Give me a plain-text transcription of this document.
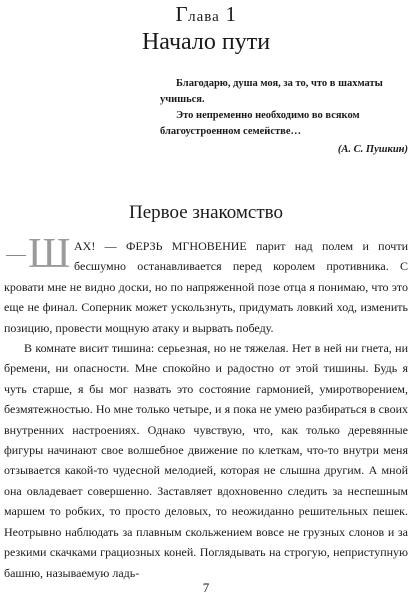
Глава 1
Начало пути

Благодарю, душа моя, за то, что в шахматы учишься.

Это непременно необходимо во всяком благоустроенном семействе…

(А. С. Пушкин)

Первое знакомство

Ш АХ! — ФЕРЗЬ МГНОВЕНИЕ парит над полем и почти бесшумно останавливается перед королем противника. С кровати мне не видно доски, но по напряженной позе отца я понимаю, что это еще не финал. Соперник может ускользнуть, придумать ловкий ход, изменить позицию, провести мощную атаку и вырвать победу.

В комнате висит тишина: серьезная, но не тяжелая. Нет в ней ни гнета, ни бремени, ни опасности. Мне спокойно и радостно от этой тишины. Будь я чуть старше, я бы мог назвать это состояние гармонией, умиротворением, безмятежностью. Но мне только четыре, и я пока не умею разбираться в своих внутренних настроениях. Однако чувствую, что, как только деревянные фигуры начинают свое волшебное движение по клеткам, что-то внутри меня отзывается какой-то чудесной мелодией, которая не слышна другим. А мной она овладевает совершенно. Заставляет вдохновенно следить за неспешным маршем то робких, то просто деловых, то неожиданно решительных пешек. Неотрывно наблюдать за плавным скольжением вовсе не грузных слонов и за резкими скачками грациозных коней. Поглядывать на строгую, неприступную башню, называемую ладь-

7
